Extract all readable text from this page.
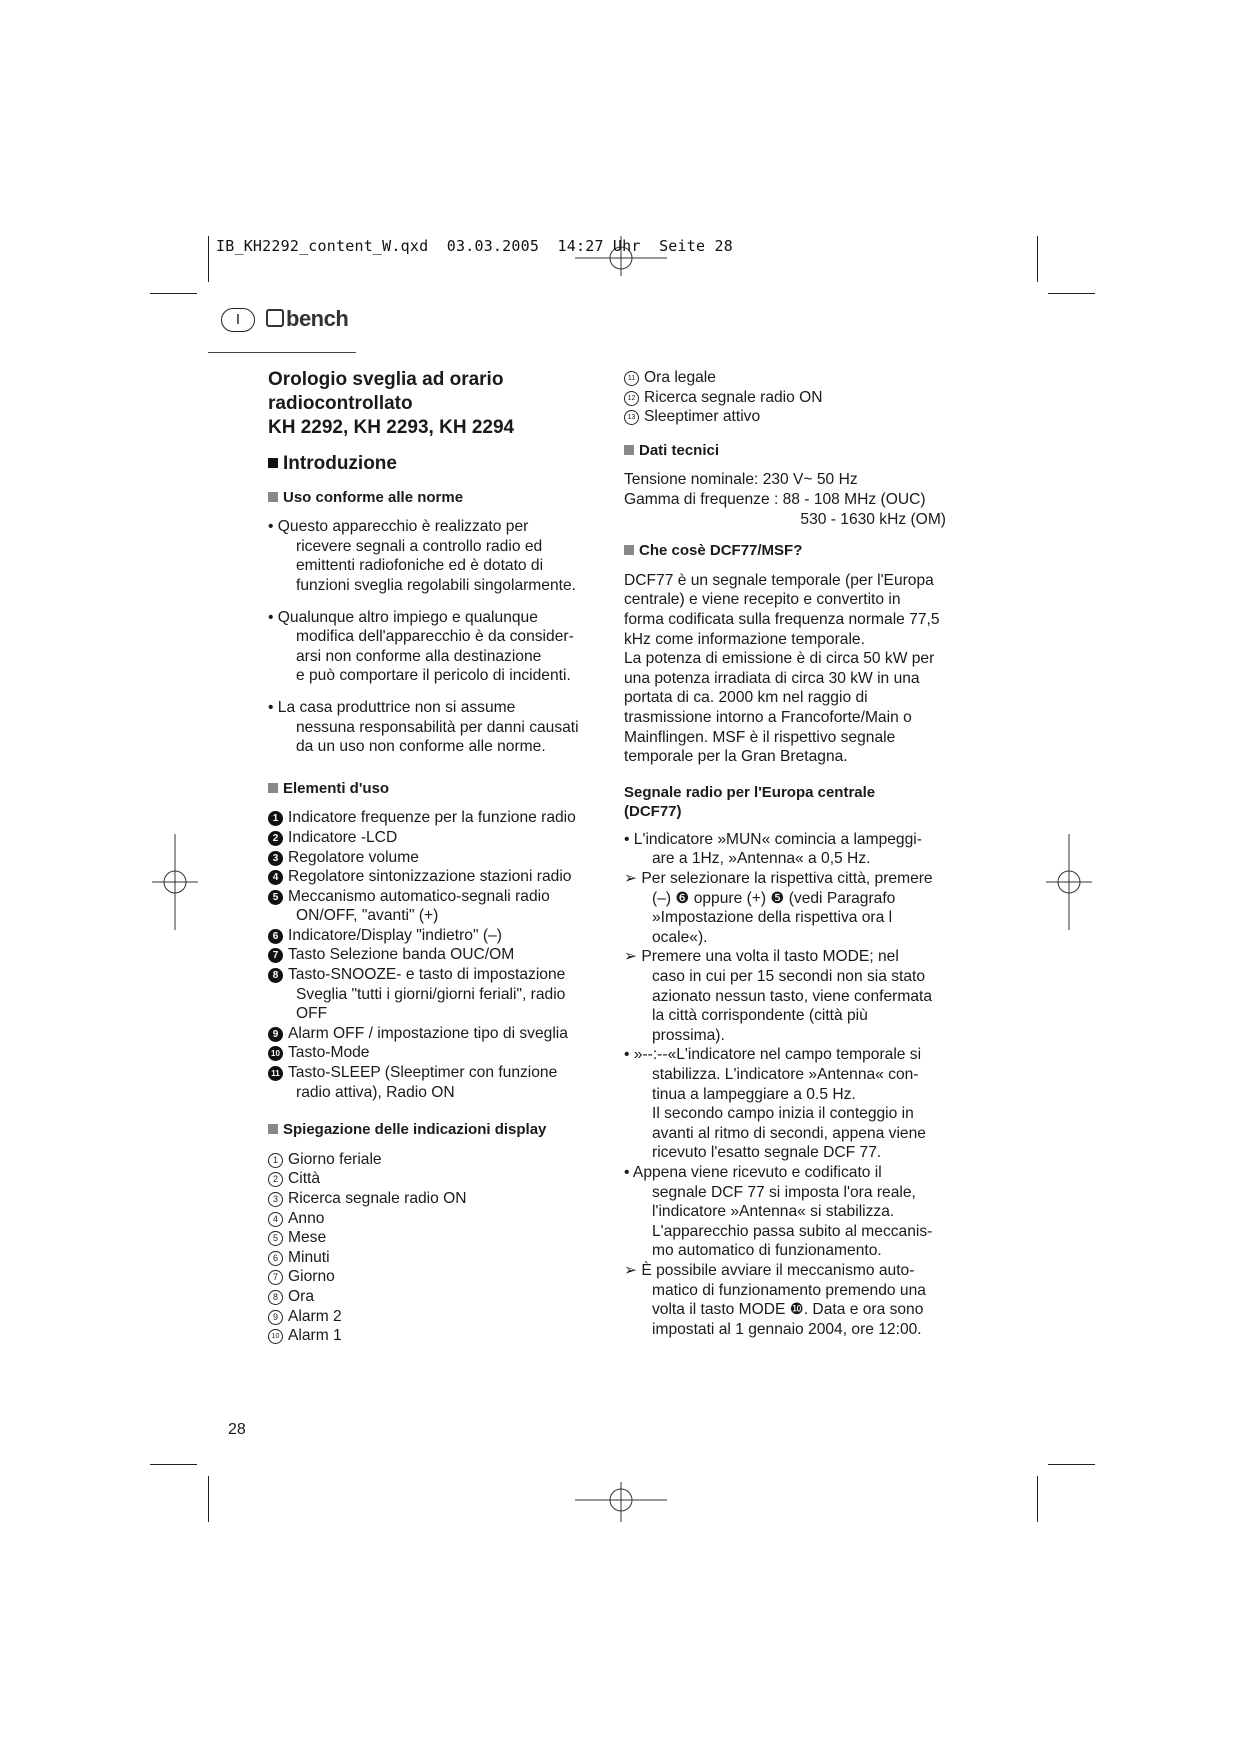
IB_KH2292_content_W.qxd  03.03.2005  14:27 Uhr  Seite 28
I	bench
Orologio sveglia ad orario
radiocontrollato
KH 2292, KH 2293, KH 2294
Introduzione
Uso conforme alle norme
• Questo apparecchio è realizzato per
ricevere segnali a controllo radio ed
emittenti radiofoniche ed è dotato di
funzioni sveglia regolabili singolarmente.
• Qualunque altro impiego e qualunque
modifica dell'apparecchio è da consider-
arsi non conforme alla destinazione
e può comportare il pericolo di incidenti.
• La casa produttrice non si assume
nessuna responsabilità per danni causati
da un uso non conforme alle norme.
Elementi d'uso
1 Indicatore frequenze per la funzione radio
2 Indicatore -LCD
3 Regolatore volume
4 Regolatore sintonizzazione stazioni radio
5 Meccanismo automatico-segnali radio
ON/OFF, "avanti" (+)
6 Indicatore/Display "indietro" (–)
7 Tasto Selezione banda OUC/OM
8 Tasto-SNOOZE- e tasto di impostazione
Sveglia "tutti i giorni/giorni feriali", radio
OFF
9 Alarm OFF / impostazione tipo di sveglia
10 Tasto-Mode
11 Tasto-SLEEP (Sleeptimer con funzione
radio attiva), Radio ON
Spiegazione delle indicazioni display
1 Giorno feriale
2 Città
3 Ricerca segnale radio ON
4 Anno
5 Mese
6 Minuti
7 Giorno
8 Ora
9 Alarm 2
10 Alarm 1
11 Ora legale
12 Ricerca segnale radio ON
13 Sleeptimer attivo
Dati tecnici
Tensione nominale: 230 V~ 50 Hz
Gamma di frequenze : 88 - 108 MHz (OUC)
530 - 1630 kHz (OM)
Che cosè DCF77/MSF?
DCF77 è un segnale temporale (per l'Europa
centrale) e viene recepito e convertito in
forma codificata sulla frequenza normale 77,5
kHz come informazione temporale.
La potenza di emissione è di circa 50 kW per
una potenza irradiata di circa 30 kW in una
portata di ca. 2000 km nel raggio di
trasmissione intorno a Francoforte/Main o
Mainflingen. MSF è il rispettivo segnale
temporale per la Gran Bretagna.
Segnale radio per l'Europa centrale
(DCF77)
• L'indicatore »MUN« comincia a lampeggi-
are a 1Hz, »Antenna« a 0,5 Hz.
➢ Per selezionare la rispettiva città, premere
(–) ❻ oppure (+) ❺ (vedi Paragrafo
»Impostazione della rispettiva ora l
ocale«).
➢ Premere una volta il tasto MODE; nel
caso in cui per 15 secondi non sia stato
azionato nessun tasto, viene confermata
la città corrispondente (città più
prossima).
• »--:--«L'indicatore nel campo temporale si
stabilizza. L'indicatore »Antenna« con-
tinua a lampeggiare a 0.5 Hz.
Il secondo campo inizia il conteggio in
avanti al ritmo di secondi, appena viene
ricevuto l'esatto segnale DCF 77.
• Appena viene ricevuto e codificato il
segnale DCF 77 si imposta l'ora reale,
l'indicatore »Antenna« si stabilizza.
L'apparecchio passa subito al meccanis-
mo automatico di funzionamento.
➢ È possibile avviare il meccanismo auto-
matico di funzionamento premendo una
volta il tasto MODE ❿. Data e ora sono
impostati al 1 gennaio 2004, ore 12:00.
28
